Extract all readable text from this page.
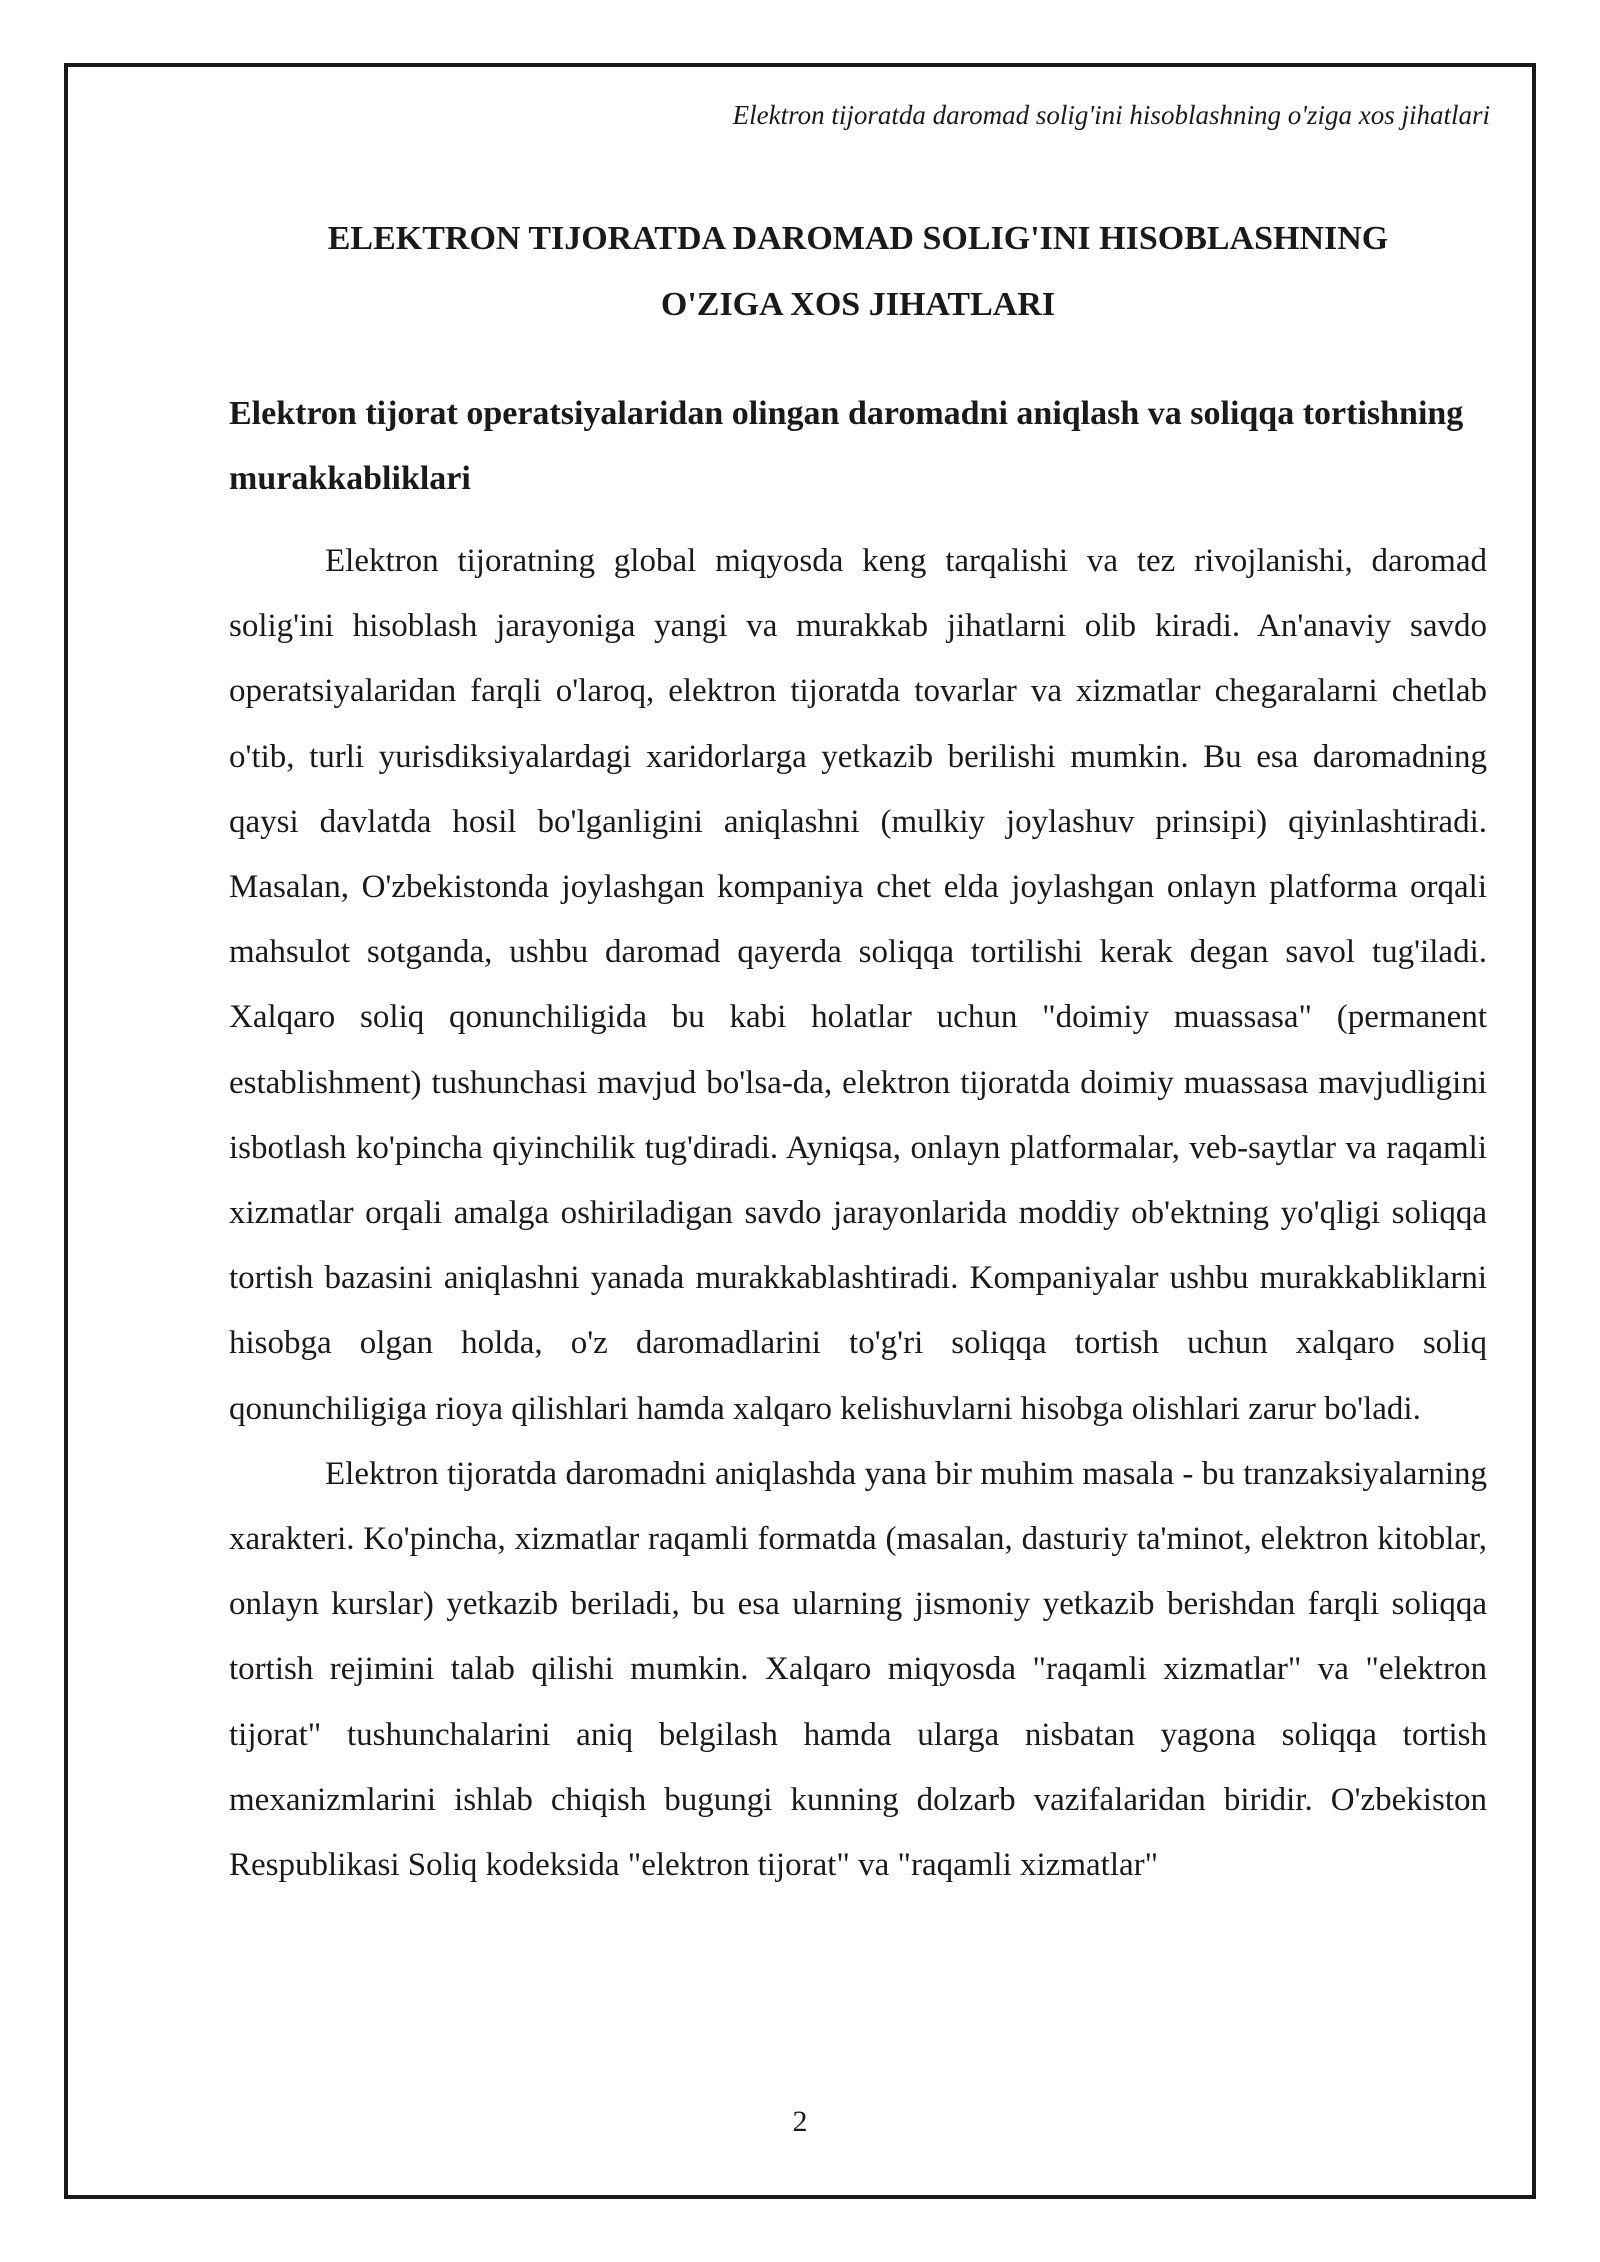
Elektron tijoratda daromad solig'ini hisoblashning o'ziga xos jihatlari
ELEKTRON TIJORATDA DAROMAD SOLIG'INI HISOBLASHNING
O'ZIGA XOS JIHATLARI
Elektron tijorat operatsiyalaridan olingan daromadni aniqlash va soliqqa tortishning murakkabliklari

Elektron tijoratning global miqyosda keng tarqalishi va tez rivojlanishi, daromad solig'ini hisoblash jarayoniga yangi va murakkab jihatlarni olib kiradi. An'anaviy savdo operatsiyalaridan farqli o'laroq, elektron tijoratda tovarlar va xizmatlar chegaralarni chetlab o'tib, turli yurisdiksiyalardagi xaridorlarga yetkazib berilishi mumkin. Bu esa daromadning qaysi davlatda hosil bo'lganligini aniqlashni (mulkiy joylashuv prinsipi) qiyinlashtiradi. Masalan, O'zbekistonda joylashgan kompaniya chet elda joylashgan onlayn platforma orqali mahsulot sotganda, ushbu daromad qayerda soliqqa tortilishi kerak degan savol tug'iladi. Xalqaro soliq qonunchiligida bu kabi holatlar uchun "doimiy muassasa" (permanent establishment) tushunchasi mavjud bo'lsa-da, elektron tijoratda doimiy muassasa mavjudligini isbotlash ko'pincha qiyinchilik tug'diradi. Ayniqsa, onlayn platformalar, veb-saytlar va raqamli xizmatlar orqali amalga oshiriladigan savdo jarayonlarida moddiy ob'ektning yo'qligi soliqqa tortish bazasini aniqlashni yanada murakkablashtiradi. Kompaniyalar ushbu murakkabliklarni hisobga olgan holda, o'z daromadlarini to'g'ri soliqqa tortish uchun xalqaro soliq qonunchiligiga rioya qilishlari hamda xalqaro kelishuvlarni hisobga olishlari zarur bo'ladi.

Elektron tijoratda daromadni aniqlashda yana bir muhim masala - bu tranzaksiyalarning xarakteri. Ko'pincha, xizmatlar raqamli formatda (masalan, dasturiy ta'minot, elektron kitoblar, onlayn kurslar) yetkazib beriladi, bu esa ularning jismoniy yetkazib berishdan farqli soliqqa tortish rejimini talab qilishi mumkin. Xalqaro miqyosda "raqamli xizmatlar" va "elektron tijorat" tushunchalarini aniq belgilash hamda ularga nisbatan yagona soliqqa tortish mexanizmlarini ishlab chiqish bugungi kunning dolzarb vazifalaridan biridir. O'zbekiston Respublikasi Soliq kodeksida "elektron tijorat" va "raqamli xizmatlar"

2
